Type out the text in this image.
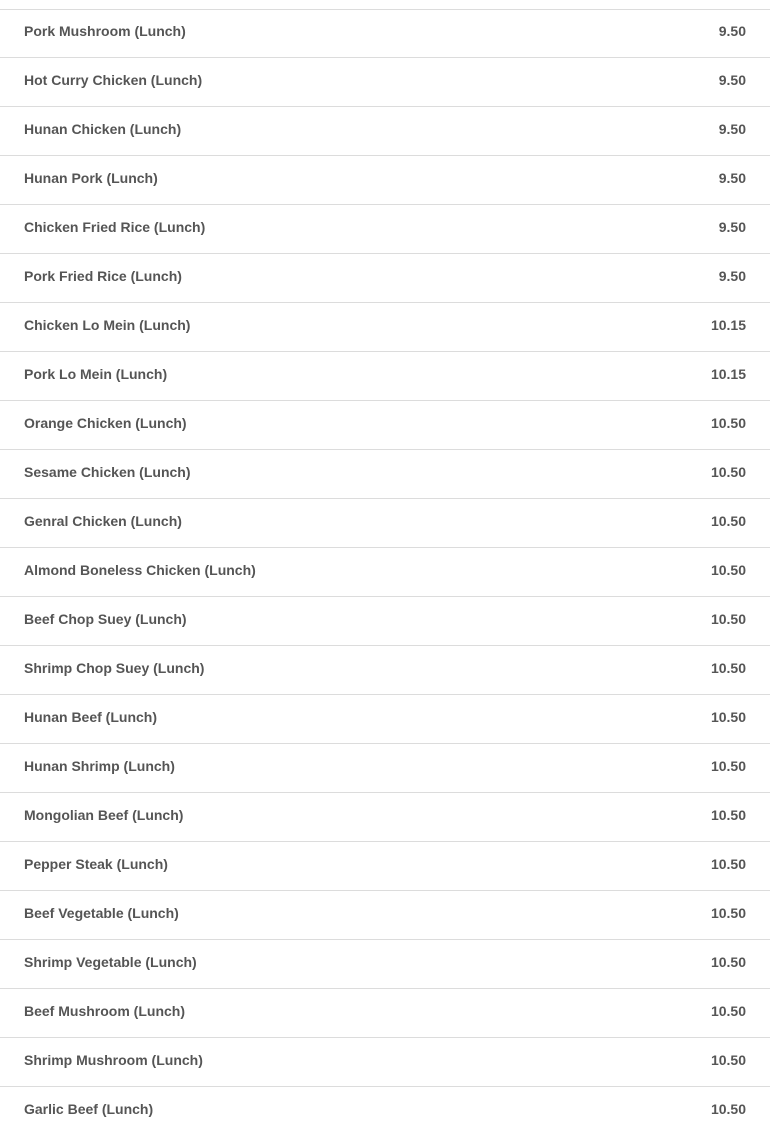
Pork Mushroom (Lunch)	9.50
Hot Curry Chicken (Lunch)	9.50
Hunan Chicken (Lunch)	9.50
Hunan Pork (Lunch)	9.50
Chicken Fried Rice (Lunch)	9.50
Pork Fried Rice (Lunch)	9.50
Chicken Lo Mein (Lunch)	10.15
Pork Lo Mein (Lunch)	10.15
Orange Chicken (Lunch)	10.50
Sesame Chicken (Lunch)	10.50
Genral Chicken (Lunch)	10.50
Almond Boneless Chicken (Lunch)	10.50
Beef Chop Suey (Lunch)	10.50
Shrimp Chop Suey (Lunch)	10.50
Hunan Beef (Lunch)	10.50
Hunan Shrimp (Lunch)	10.50
Mongolian Beef (Lunch)	10.50
Pepper Steak (Lunch)	10.50
Beef Vegetable (Lunch)	10.50
Shrimp Vegetable (Lunch)	10.50
Beef Mushroom (Lunch)	10.50
Shrimp Mushroom (Lunch)	10.50
Garlic Beef (Lunch)	10.50
